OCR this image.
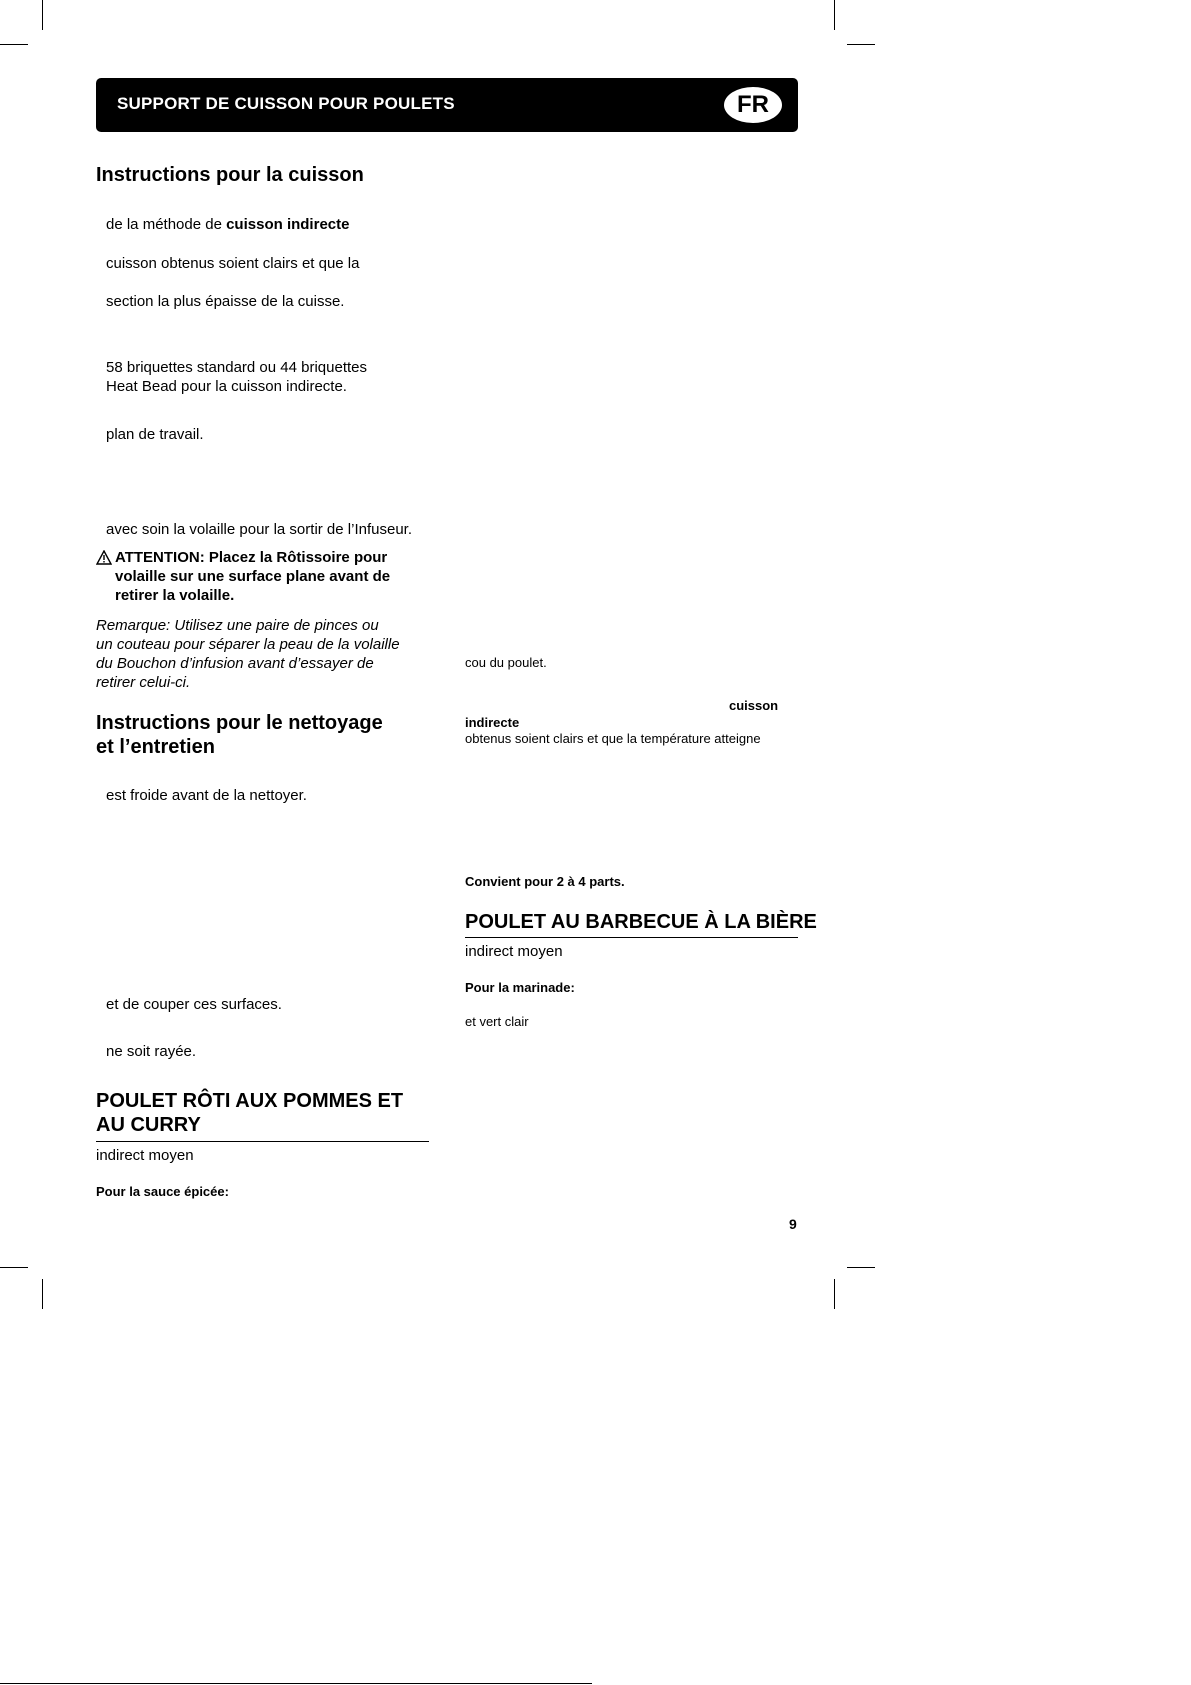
SUPPORT DE CUISSON POUR POULETS	FR
Instructions pour la cuisson
de la méthode de cuisson indirecte
cuisson obtenus soient clairs et que la
section la plus épaisse de la cuisse.
58 briquettes standard ou 44 briquettes
Heat Bead pour la cuisson indirecte.
plan de travail.
avec soin la volaille pour la sortir de l’Infuseur.
ATTENTION: Placez la Rôtissoire pour
volaille sur une surface plane avant de
retirer la volaille.
Remarque: Utilisez une paire de pinces ou
un couteau pour séparer la peau de la volaille
du Bouchon d’infusion avant d’essayer de
retirer celui-ci.
Instructions pour le nettoyage
et l’entretien
est froide avant de la nettoyer.
et de couper ces surfaces.
ne soit rayée.
POULET RÔTI AUX POMMES ET
AU CURRY
indirect moyen
Pour la sauce épicée:
cou du poulet.
cuisson
indirecte
obtenus soient clairs et que la température atteigne
Convient pour 2 à 4 parts.
POULET AU BARBECUE À LA BIÈRE
indirect moyen
Pour la marinade:
et vert clair
9
